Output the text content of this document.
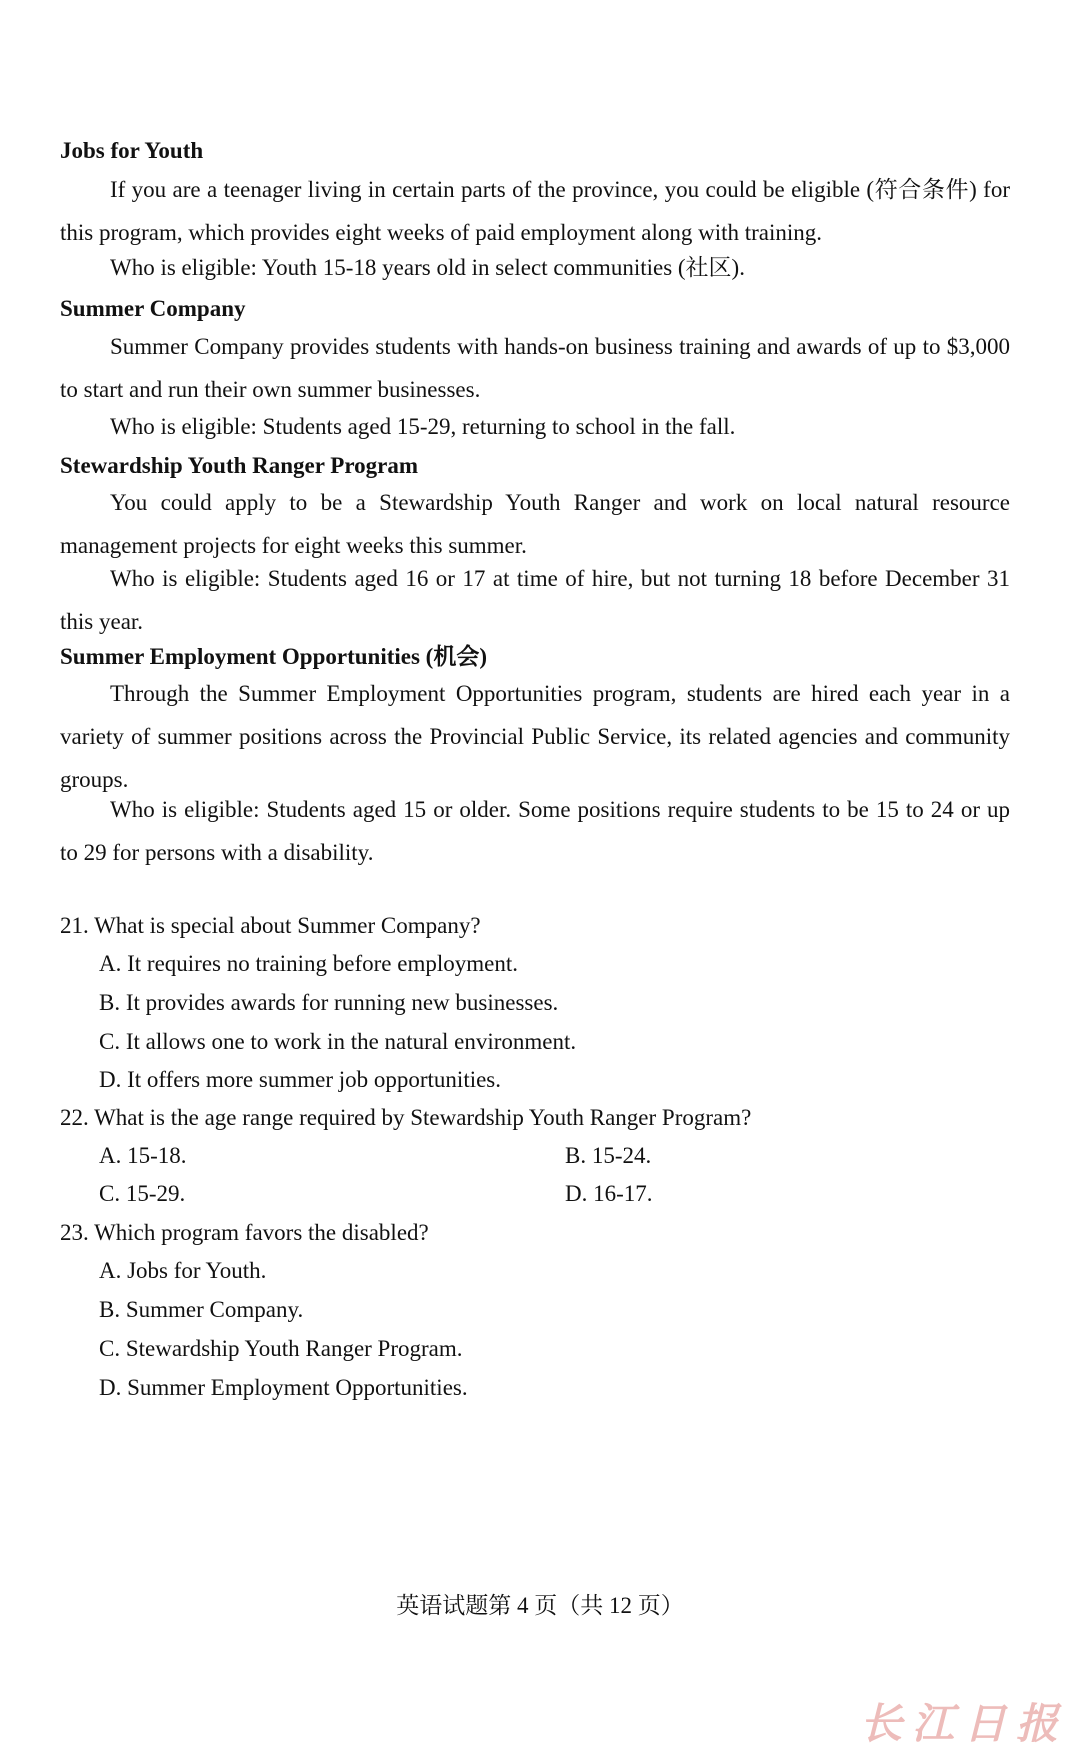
Jobs for Youth
If you are a teenager living in certain parts of the province, you could be eligible (符合条件) for this program, which provides eight weeks of paid employment along with training.
Who is eligible: Youth 15-18 years old in select communities (社区).
Summer Company
Summer Company provides students with hands-on business training and awards of up to $3,000 to start and run their own summer businesses.
Who is eligible: Students aged 15-29, returning to school in the fall.
Stewardship Youth Ranger Program
You could apply to be a Stewardship Youth Ranger and work on local natural resource management projects for eight weeks this summer.
Who is eligible: Students aged 16 or 17 at time of hire, but not turning 18 before December 31 this year.
Summer Employment Opportunities (机会)
Through the Summer Employment Opportunities program, students are hired each year in a variety of summer positions across the Provincial Public Service, its related agencies and community groups.
Who is eligible: Students aged 15 or older. Some positions require students to be 15 to 24 or up to 29 for persons with a disability.
21. What is special about Summer Company?
A. It requires no training before employment.
B. It provides awards for running new businesses.
C. It allows one to work in the natural environment.
D. It offers more summer job opportunities.
22. What is the age range required by Stewardship Youth Ranger Program?
A. 15-18.	B. 15-24.
C. 15-29.	D. 16-17.
23. Which program favors the disabled?
A. Jobs for Youth.
B. Summer Company.
C. Stewardship Youth Ranger Program.
D. Summer Employment Opportunities.
英语试题第 4 页（共 12 页）
长江日报
